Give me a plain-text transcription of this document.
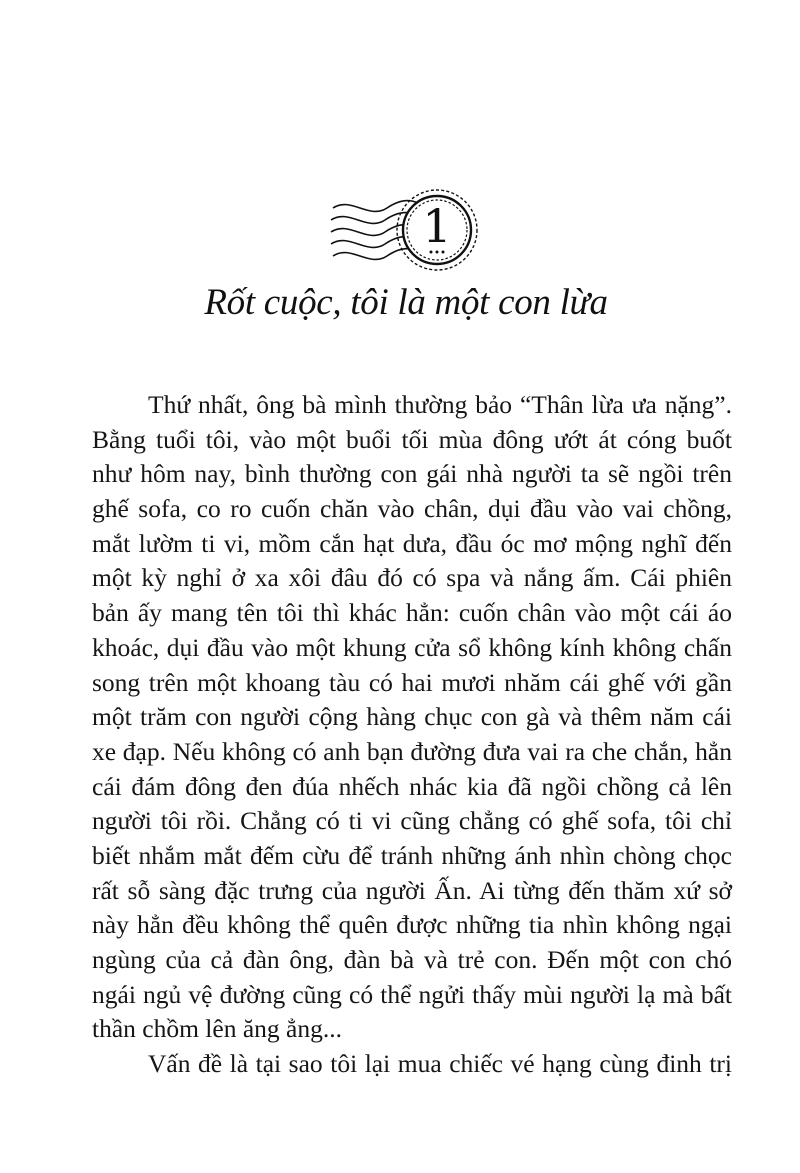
1
Rốt cuộc, tôi là một con lừa
Thứ nhất, ông bà mình thường bảo “Thân lừa ưa nặng”.
Bằng tuổi tôi, vào một buổi tối mùa đông ướt át cóng buốt
như hôm nay, bình thường con gái nhà người ta sẽ ngồi trên
ghế sofa, co ro cuốn chăn vào chân, dụi đầu vào vai chồng,
mắt lườm ti vi, mồm cắn hạt dưa, đầu óc mơ mộng nghĩ đến
một kỳ nghỉ ở xa xôi đâu đó có spa và nắng ấm. Cái phiên
bản ấy mang tên tôi thì khác hẳn: cuốn chân vào một cái áo
khoác, dụi đầu vào một khung cửa sổ không kính không chấn
song trên một khoang tàu có hai mươi nhăm cái ghế với gần
một trăm con người cộng hàng chục con gà và thêm năm cái
xe đạp. Nếu không có anh bạn đường đưa vai ra che chắn, hẳn
cái đám đông đen đúa nhếch nhác kia đã ngồi chồng cả lên
người tôi rồi. Chẳng có ti vi cũng chẳng có ghế sofa, tôi chỉ
biết nhắm mắt đếm cừu để tránh những ánh nhìn chòng chọc
rất sỗ sàng đặc trưng của người Ấn. Ai từng đến thăm xứ sở
này hẳn đều không thể quên được những tia nhìn không ngại
ngùng của cả đàn ông, đàn bà và trẻ con. Đến một con chó
ngái ngủ vệ đường cũng có thể ngửi thấy mùi người lạ mà bất
thần chồm lên ăng ẳng...
Vấn đề là tại sao tôi lại mua chiếc vé hạng cùng đinh trị
